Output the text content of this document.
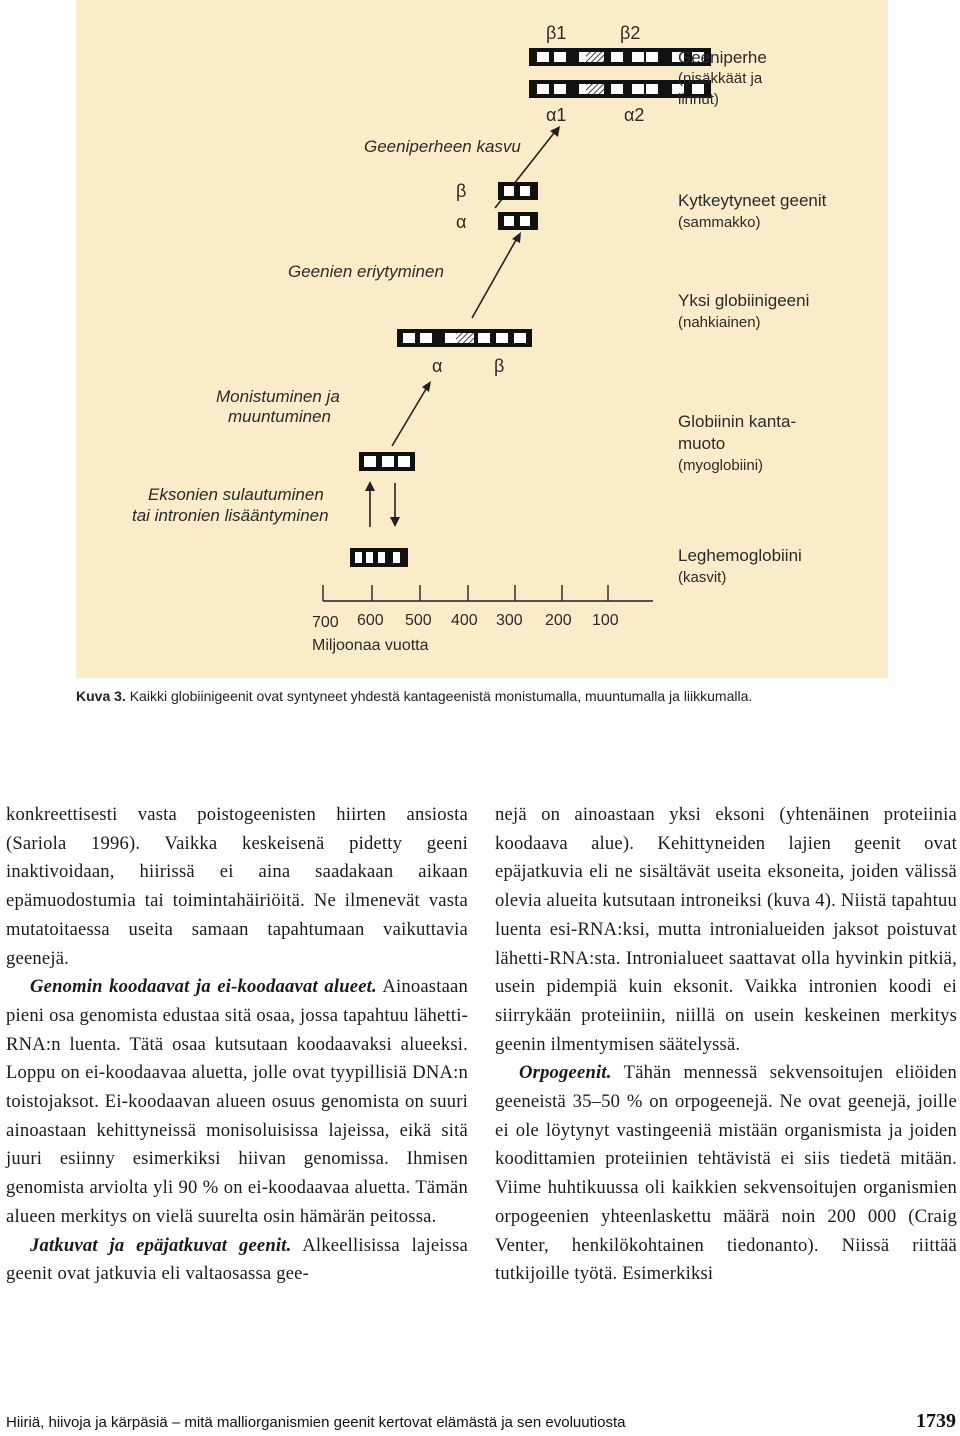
β1	β2
α1	α2
Geeniperhe
(nisäkkäät ja
linnut)
Geeniperheen kasvu
β
α
Kytkeytyneet geenit
(sammakko)
Geenien eriytyminen
Yksi globiinigeeni
(nahkiainen)
α	β
Monistuminen ja
muuntuminen	Globiinin kanta-
muoto
(myoglobiini)
Eksonien sulautuminen
tai intronien lisääntyminen
Leghemoglobiini
(kasvit)
700 600 500 400 300 200 100
Miljoonaa vuotta
Kuva 3. Kaikki globiinigeenit ovat syntyneet yhdestä kantageenistä monistumalla, muuntumalla ja liikkumalla.

konkreettisesti vasta poistogeenisten hiirten ansiosta (Sariola 1996). Vaikka keskeisenä pidetty geeni inaktivoidaan, hiirissä ei aina saadakaan aikaan epämuodostumia tai toimintahäiriöitä. Ne ilmenevät vasta mutatoitaessa useita samaan tapahtumaan vaikuttavia geenejä.

Genomin koodaavat ja ei-koodaavat alueet. Ainoastaan pieni osa genomista edustaa sitä osaa, jossa tapahtuu lähetti-RNA:n luenta. Tätä osaa kutsutaan koodaavaksi alueeksi. Loppu on ei-koodaavaa aluetta, jolle ovat tyypillisiä DNA:n toistojaksot. Ei-koodaavan alueen osuus genomista on suuri ainoastaan kehittyneissä monisoluisissa lajeissa, eikä sitä juuri esiinny esimerkiksi hiivan genomissa. Ihmisen genomista arviolta yli 90 % on ei-koodaavaa aluetta. Tämän alueen merkitys on vielä suurelta osin hämärän peitossa.

Jatkuvat ja epäjatkuvat geenit. Alkeellisissa lajeissa geenit ovat jatkuvia eli valtaosassa gee-

nejä on ainoastaan yksi eksoni (yhtenäinen proteiinia koodaava alue). Kehittyneiden lajien geenit ovat epäjatkuvia eli ne sisältävät useita eksoneita, joiden välissä olevia alueita kutsutaan introneiksi (kuva 4). Niistä tapahtuu luenta esi-RNA:ksi, mutta intronialueiden jaksot poistuvat lähetti-RNA:sta. Intronialueet saattavat olla hyvinkin pitkiä, usein pidempiä kuin eksonit. Vaikka intronien koodi ei siirrykään proteiiniin, niillä on usein keskeinen merkitys geenin ilmentymisen säätelyssä.

Orpogeenit. Tähän mennessä sekvensoitujen eliöiden geeneistä 35–50 % on orpogeenejä. Ne ovat geenejä, joille ei ole löytynyt vastingeeniä mistään organismista ja joiden koodittamien proteiinien tehtävistä ei siis tiedetä mitään. Viime huhtikuussa oli kaikkien sekvensoitujen organismien orpogeenien yhteenlaskettu määrä noin 200 000 (Craig Venter, henkilökohtainen tiedonanto). Niissä riittää tutkijoille työtä. Esimerkiksi

Hiiriä, hiivoja ja kärpäsiä – mitä malliorganismien geenit kertovat elämästä ja sen evoluutiosta	1739
